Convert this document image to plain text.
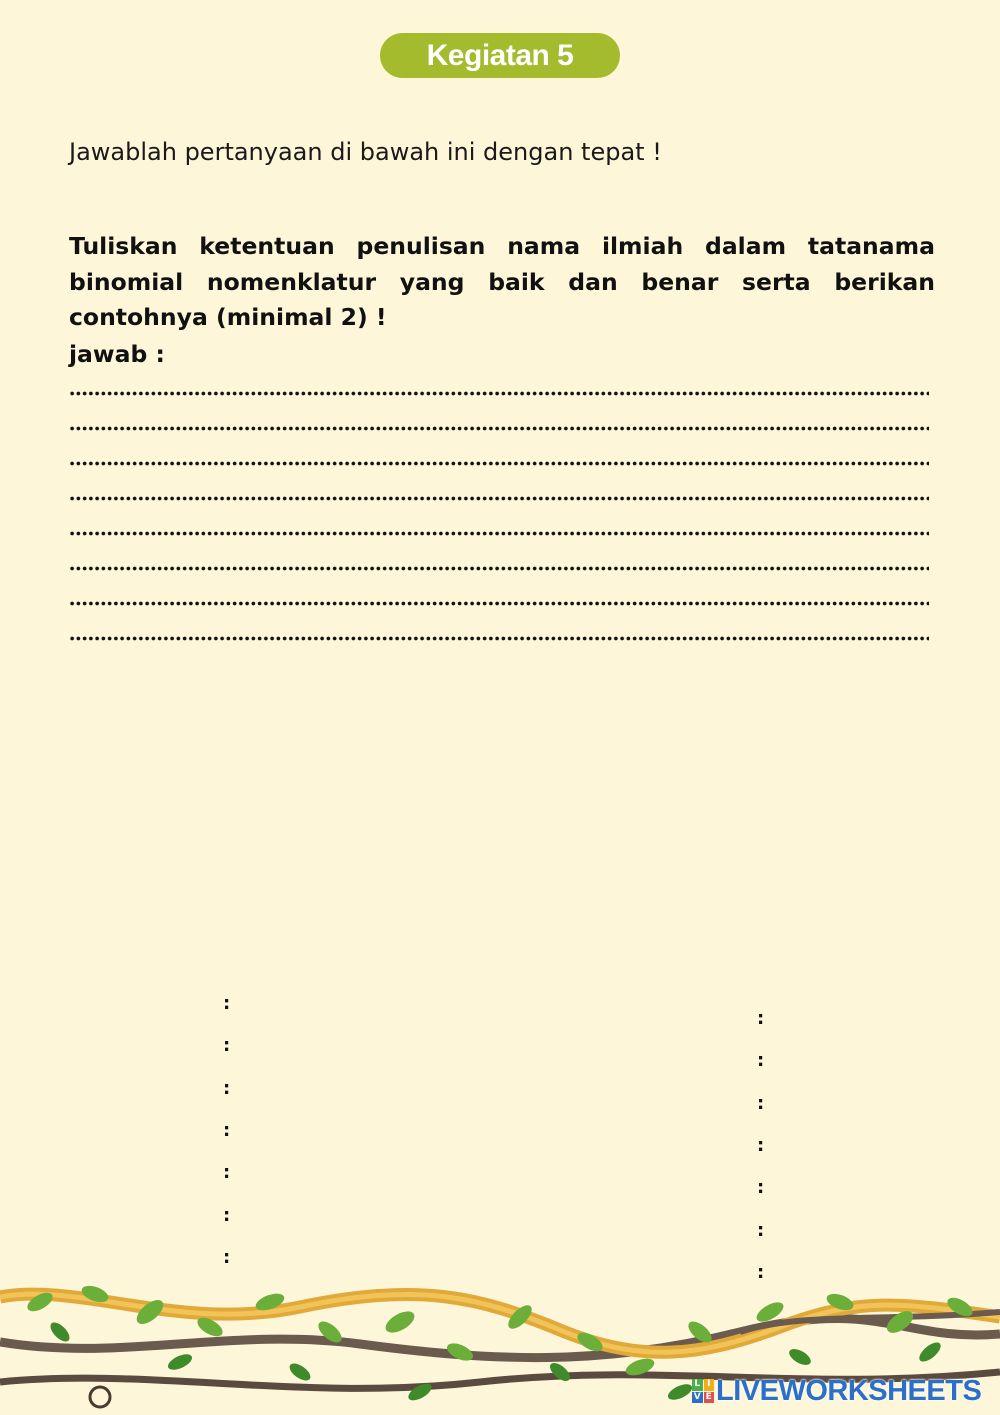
Kegiatan 5
Jawablah pertanyaan di bawah ini dengan tepat !
Tuliskan ketentuan penulisan nama ilmiah dalam tatanama binomial nomenklatur yang baik dan benar serta berikan contohnya (minimal 2) !
jawab :
:
:
:
:
:
:
:
:
:
:
:
:
:
:
L I
V E LIVEWORKSHEETS
